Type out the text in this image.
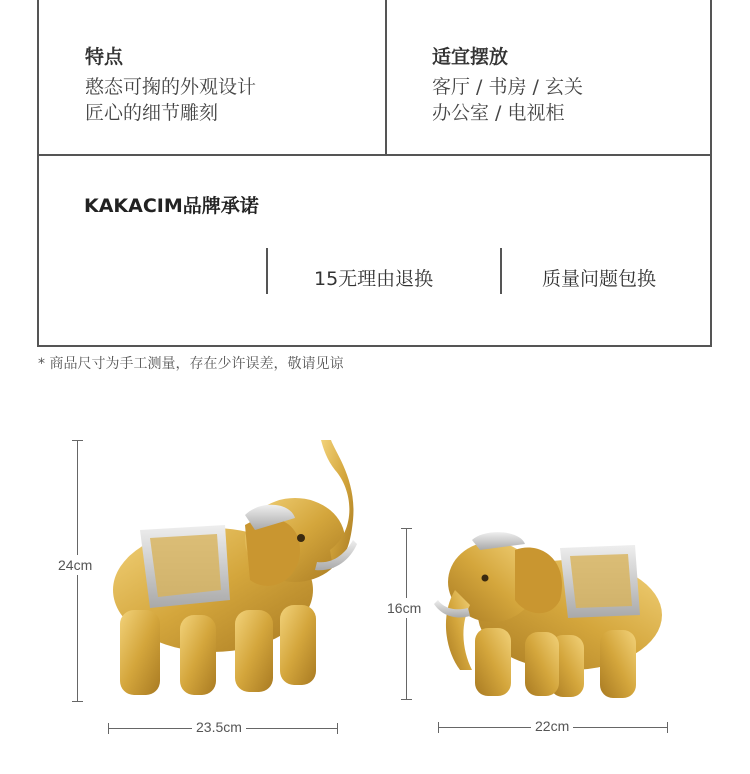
特点
憨态可掬的外观设计
匠心的细节雕刻
适宜摆放
客厅 / 书房 / 玄关
办公室 / 电视柜
KAKACIM品牌承诺
15无理由退换	质量问题包换
* 商品尺寸为手工测量，存在少许误差，敬请见谅
24cm
23.5cm
16cm
22cm
